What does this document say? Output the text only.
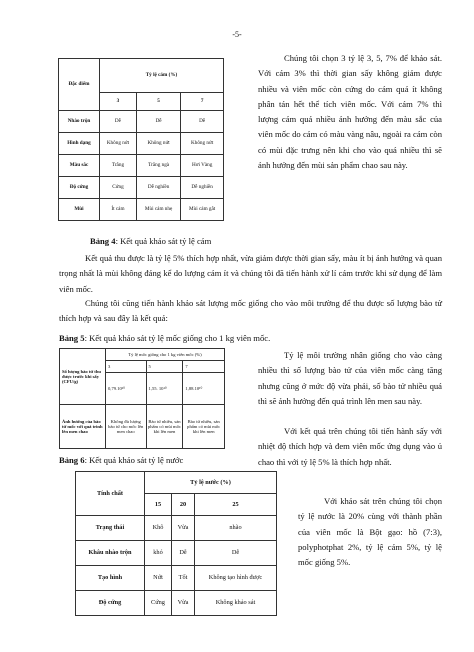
-5-
Đặc điểm	Tỷ lệ cám (%)		
	3	5	7
Nhào trộn	Dễ	Dễ	Dễ
Hình dạng	Không nứt	Không nứt	Không nứt
Màu sắc	Trắng	Trắng ngà	Hơi Vàng
Độ cứng	Cứng	Dễ nghiền	Dễ nghiền
Mùi	Ít cám	Mùi cám nhẹ	Mùi cám gắt
Chúng tôi chọn 3 tỷ lệ 3, 5, 7% để khảo sát. Với cám 3% thì thời gian sấy không giảm được nhiều và viên mốc còn cứng do cám quá ít không phân tán hết thể tích viên mốc. Với cám 7% thì lượng cám quá nhiều ảnh hưởng đến màu sắc của viên mốc do cám có màu vàng nâu, ngoài ra cám còn có mùi đặc trưng nên khi cho vào quá nhiều thì sẽ ảnh hưởng đến mùi sản phẩm chao sau này.
Bảng 4: Kết quả khảo sát tỷ lệ cám
Kết quả thu được là tỷ lệ 5% thích hợp nhất, vừa giảm được thời gian sấy, màu ít bị ảnh hưởng và quan trọng nhất là mùi không đáng kể do lượng cám ít và chúng tôi đã tiến hành xử lí cám trước khi sử dụng để làm viên mốc.
Chúng tôi cũng tiến hành khảo sát lượng mốc giống cho vào môi trường để thu được số lượng bào tử thích hợp và sau đây là kết quả:
Bảng 5: Kết quả khảo sát tỷ lệ mốc giống cho 1 kg viên mốc.
Số lượng bào tử thu được trước khi sấy (CFU/g)	Tỷ lệ mốc giống cho 1 kg viên mốc (%)		
	3	5	7
	0,79.10¹⁰	1,55. 10¹⁰	1,88.10¹⁰
Ảnh hưởng của bào tử mốc với quá trình lên men chao	Không đủ lượng bào tử cho mốc lên men chao	Bào tử nhiều, sản phẩm có mùi mốc khi lên men	Bào tử nhiều, sản phẩm có mùi mốc khi lên men
Tỷ lệ môi trường nhân giống cho vào càng nhiều thì số lượng bào tử của viên mốc càng tăng nhưng cũng ở mức độ vừa phải, số bào tử nhiều quá thì sẽ ảnh hưởng đến quá trình lên men sau này.
Với kết quả trên chúng tôi tiến hành sấy với nhiệt độ thích hợp và đem viên mốc ứng dụng vào ủ chao thì với tỷ lệ 5% là thích hợp nhất.
Bảng 6: Kết quả khảo sát tỷ lệ nước
Tính chất	Tỷ lệ nước (%)		
	15	20	25
Trạng thái	Khô	Vừa	nhão
Khâu nhào trộn	khó	Dễ	Dễ
Tạo hình	Nứt	Tốt	Không tạo hình được
Độ cứng	Cứng	Vừa	Không khảo sát
Với khảo sát trên chúng tôi chọn tỷ lệ nước là 20% cùng với thành phần của viên mốc là Bột gạo: hồ (7:3), polyphotphat 2%, tỷ lệ cám 5%, tỷ lệ mốc giống 5%.
